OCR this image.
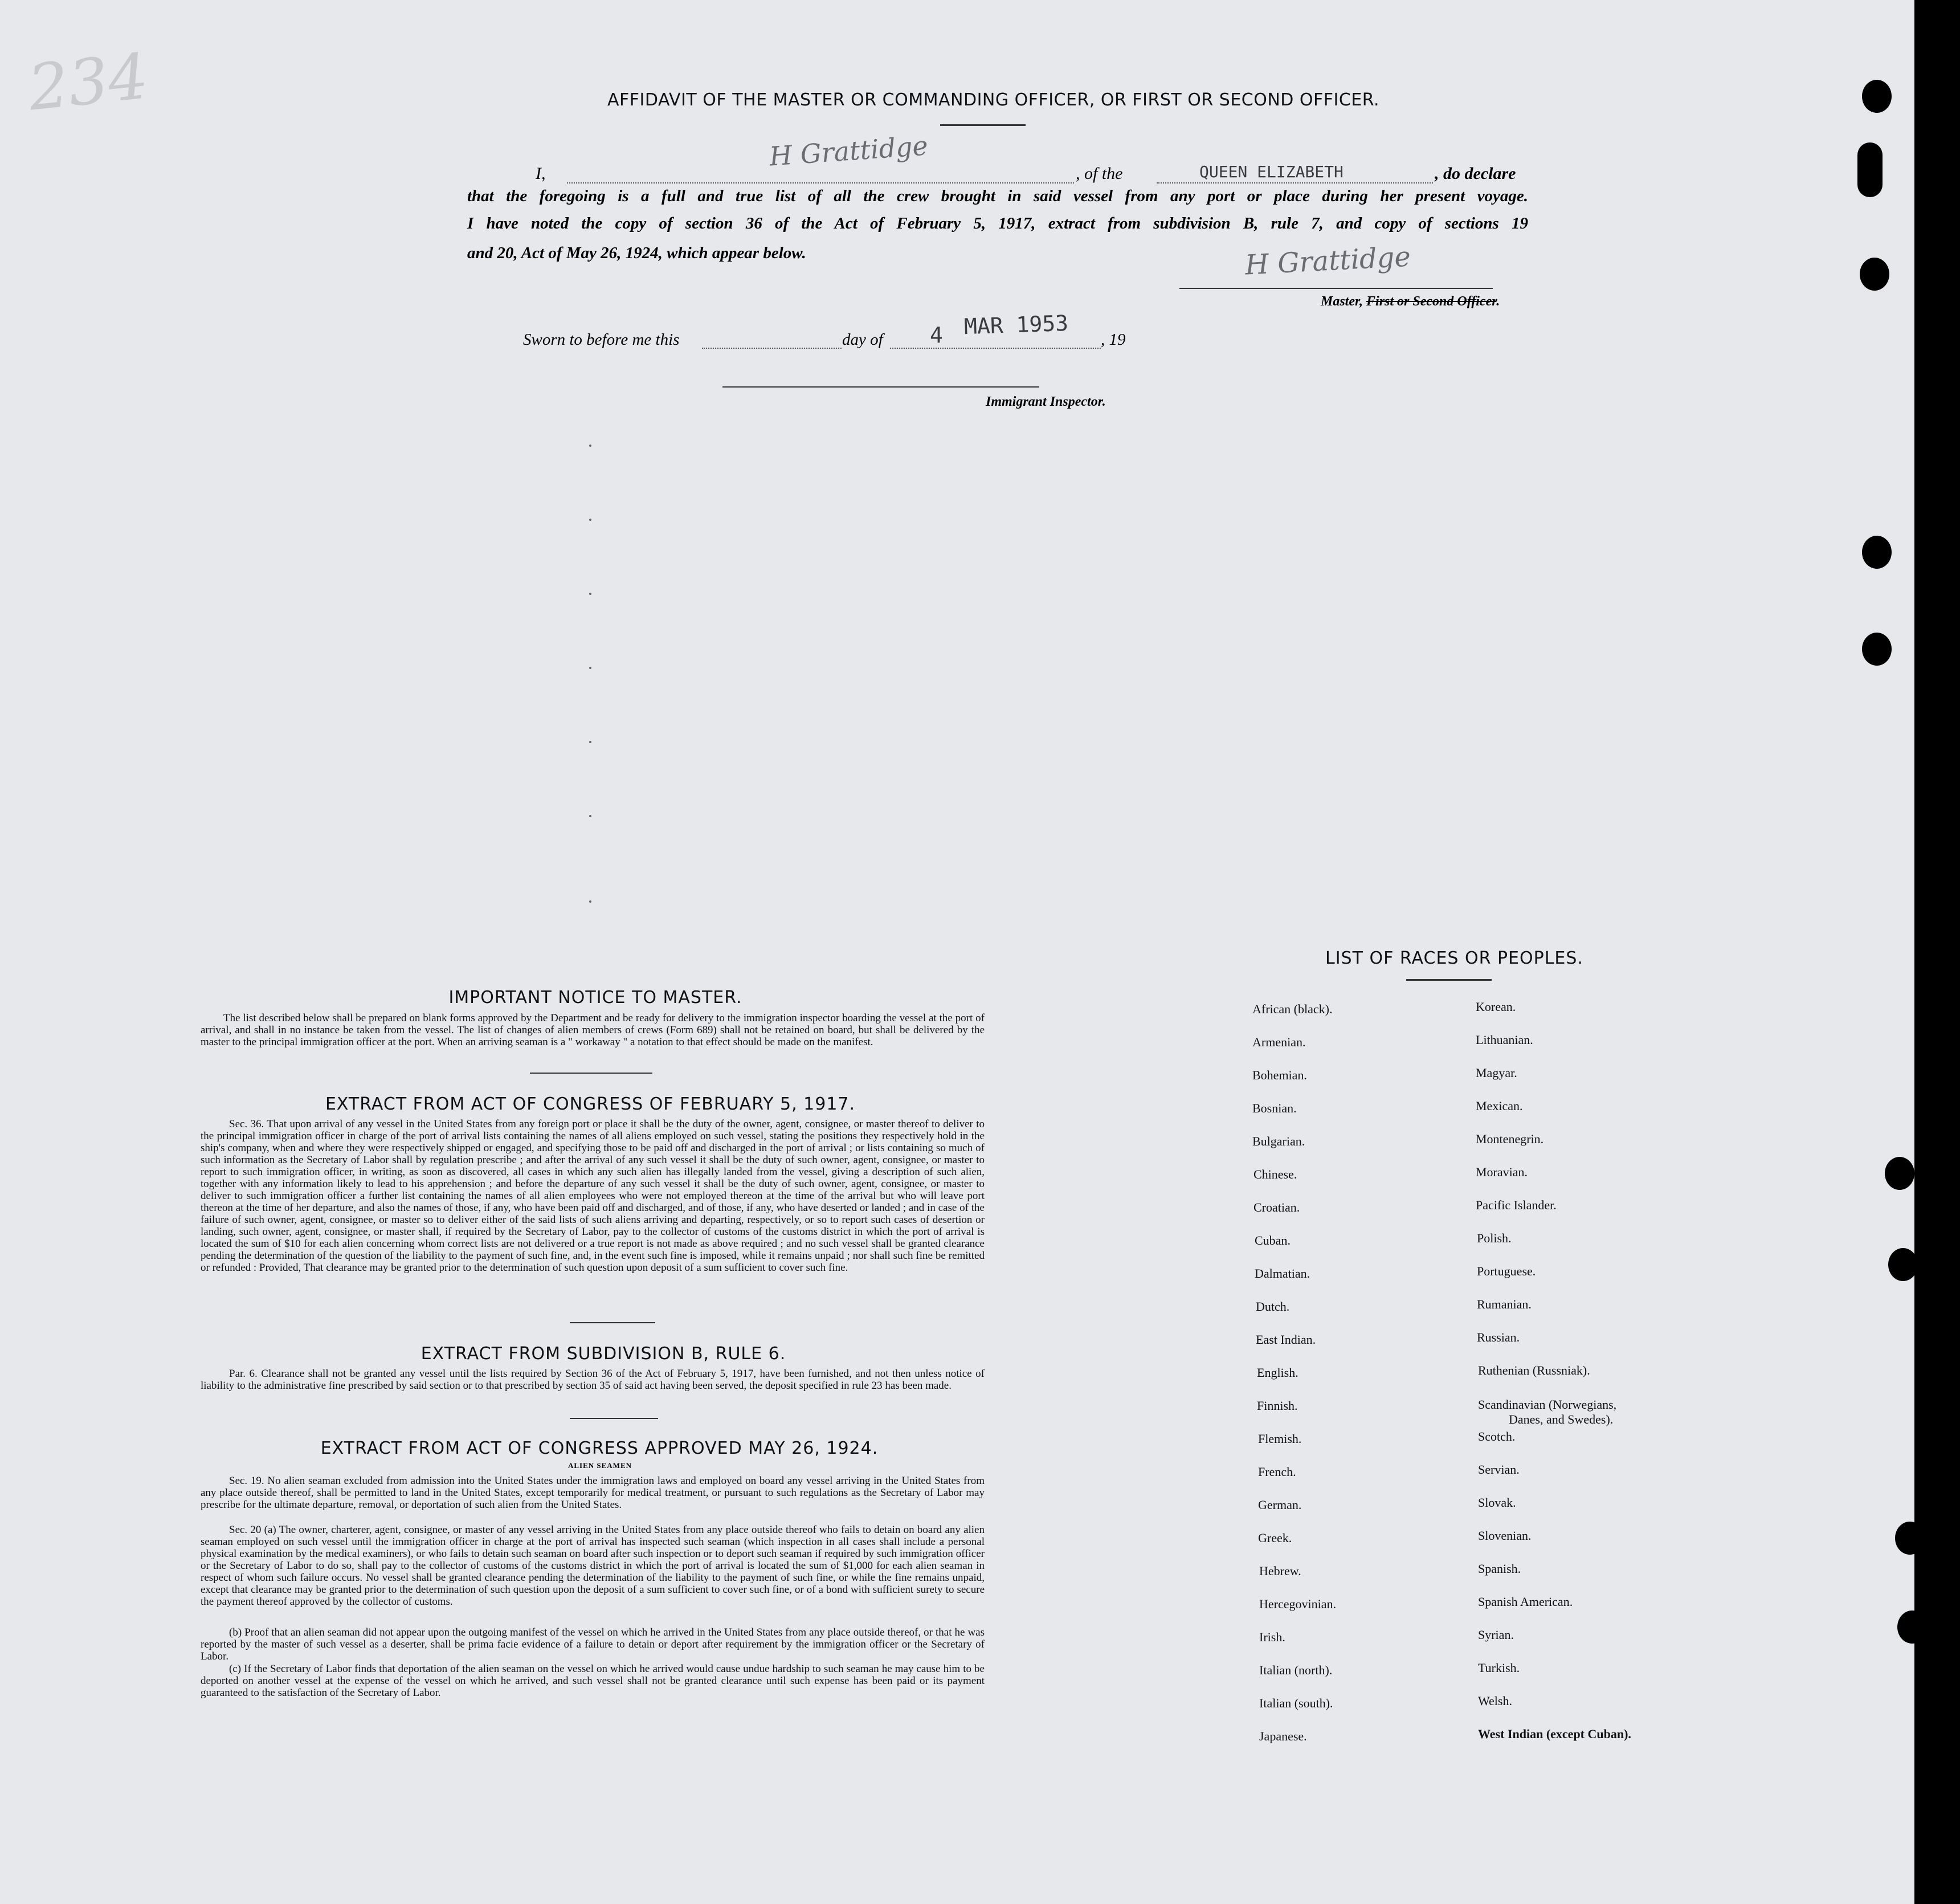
234	AFFIDAVIT OF THE MASTER OR COMMANDING OFFICER, OR FIRST OR SECOND OFFICER.
I,
H Grattidge
, of the	QUEEN ELIZABETH	, do declare
that the foregoing is a full and true list of all the crew brought in said vessel from any port or place during her present voyage.
I have noted the copy of section 36 of the Act of February 5, 1917, extract from subdivision B, rule 7, and copy of sections 19
and 20, Act of May 26, 1924, which appear below.	H Grattidge
Master, First or Second Officer.
Sworn to before me this	day of 4 MAR 1953
, 19
Immigrant Inspector.
IMPORTANT NOTICE TO MASTER.
The list described below shall be prepared on blank forms approved by the Department and be ready for delivery to the immigration inspector boarding the vessel at the port of arrival, and shall in no instance be taken from the vessel. The list of changes of alien members of crews (Form 689) shall not be retained on board, but shall be delivered by the master to the principal immigration officer at the port. When an arriving seaman is a " workaway " a notation to that effect should be made on the manifest.
EXTRACT FROM ACT OF CONGRESS OF FEBRUARY 5, 1917.
Sec. 36. That upon arrival of any vessel in the United States from any foreign port or place it shall be the duty of the owner, agent, consignee, or master thereof to deliver to the principal immigration officer in charge of the port of arrival lists containing the names of all aliens employed on such vessel, stating the positions they respectively hold in the ship's company, when and where they were respectively shipped or engaged, and specifying those to be paid off and discharged in the port of arrival ; or lists containing so much of such information as the Secretary of Labor shall by regulation prescribe ; and after the arrival of any such vessel it shall be the duty of such owner, agent, consignee, or master to report to such immigration officer, in writing, as soon as discovered, all cases in which any such alien has illegally landed from the vessel, giving a description of such alien, together with any information likely to lead to his apprehension ; and before the departure of any such vessel it shall be the duty of such owner, agent, consignee, or master to deliver to such immigration officer a further list containing the names of all alien employees who were not employed thereon at the time of the arrival but who will leave port thereon at the time of her departure, and also the names of those, if any, who have been paid off and discharged, and of those, if any, who have deserted or landed ; and in case of the failure of such owner, agent, consignee, or master so to deliver either of the said lists of such aliens arriving and departing, respectively, or so to report such cases of desertion or landing, such owner, agent, consignee, or master shall, if required by the Secretary of Labor, pay to the collector of customs of the customs district in which the port of arrival is located the sum of $10 for each alien concerning whom correct lists are not delivered or a true report is not made as above required ; and no such vessel shall be granted clearance pending the determination of the question of the liability to the payment of such fine, and, in the event such fine is imposed, while it remains unpaid ; nor shall such fine be remitted or refunded : Provided, That clearance may be granted prior to the determination of such question upon deposit of a sum sufficient to cover such fine.
EXTRACT FROM SUBDIVISION B, RULE 6.
Par. 6. Clearance shall not be granted any vessel until the lists required by Section 36 of the Act of February 5, 1917, have been furnished, and not then unless notice of liability to the administrative fine prescribed by said section or to that prescribed by section 35 of said act having been served, the deposit specified in rule 23 has been made.
EXTRACT FROM ACT OF CONGRESS APPROVED MAY 26, 1924.
ALIEN SEAMEN
Sec. 19. No alien seaman excluded from admission into the United States under the immigration laws and employed on board any vessel arriving in the United States from any place outside thereof, shall be permitted to land in the United States, except temporarily for medical treatment, or pursuant to such regulations as the Secretary of Labor may prescribe for the ultimate departure, removal, or deportation of such alien from the United States.
Sec. 20 (a) The owner, charterer, agent, consignee, or master of any vessel arriving in the United States from any place outside thereof who fails to detain on board any alien seaman employed on such vessel until the immigration officer in charge at the port of arrival has inspected such seaman (which inspection in all cases shall include a personal physical examination by the medical examiners), or who fails to detain such seaman on board after such inspection or to deport such seaman if required by such immigration officer or the Secretary of Labor to do so, shall pay to the collector of customs of the customs district in which the port of arrival is located the sum of $1,000 for each alien seaman in respect of whom such failure occurs. No vessel shall be granted clearance pending the determination of the liability to the payment of such fine, or while the fine remains unpaid, except that clearance may be granted prior to the determination of such question upon the deposit of a sum sufficient to cover such fine, or of a bond with sufficient surety to secure the payment thereof approved by the collector of customs.
(b) Proof that an alien seaman did not appear upon the outgoing manifest of the vessel on which he arrived in the United States from any place outside thereof, or that he was reported by the master of such vessel as a deserter, shall be prima facie evidence of a failure to detain or deport after requirement by the immigration officer or the Secretary of Labor.
(c) If the Secretary of Labor finds that deportation of the alien seaman on the vessel on which he arrived would cause undue hardship to such seaman he may cause him to be deported on another vessel at the expense of the vessel on which he arrived, and such vessel shall not be granted clearance until such expense has been paid or its payment guaranteed to the satisfaction of the Secretary of Labor.
LIST OF RACES OR PEOPLES.
African (black).
Armenian.
Bohemian.
Bosnian.
Bulgarian.
Chinese.
Croatian.
Cuban.
Dalmatian.
Dutch.
East Indian.
English.
Finnish.
Flemish.
French.
German.
Greek.
Hebrew.
Hercegovinian.
Irish.
Italian (north).
Italian (south).
Japanese.
Korean.
Lithuanian.
Magyar.
Mexican.
Montenegrin.
Moravian.
Pacific Islander.
Polish.
Portuguese.
Rumanian.
Russian.
Ruthenian (Russniak).
Scandinavian (Norwegians,
Danes, and Swedes).
Scotch.
Servian.
Slovak.
Slovenian.
Spanish.
Spanish American.
Syrian.
Turkish.
Welsh.
West Indian (except Cuban).
